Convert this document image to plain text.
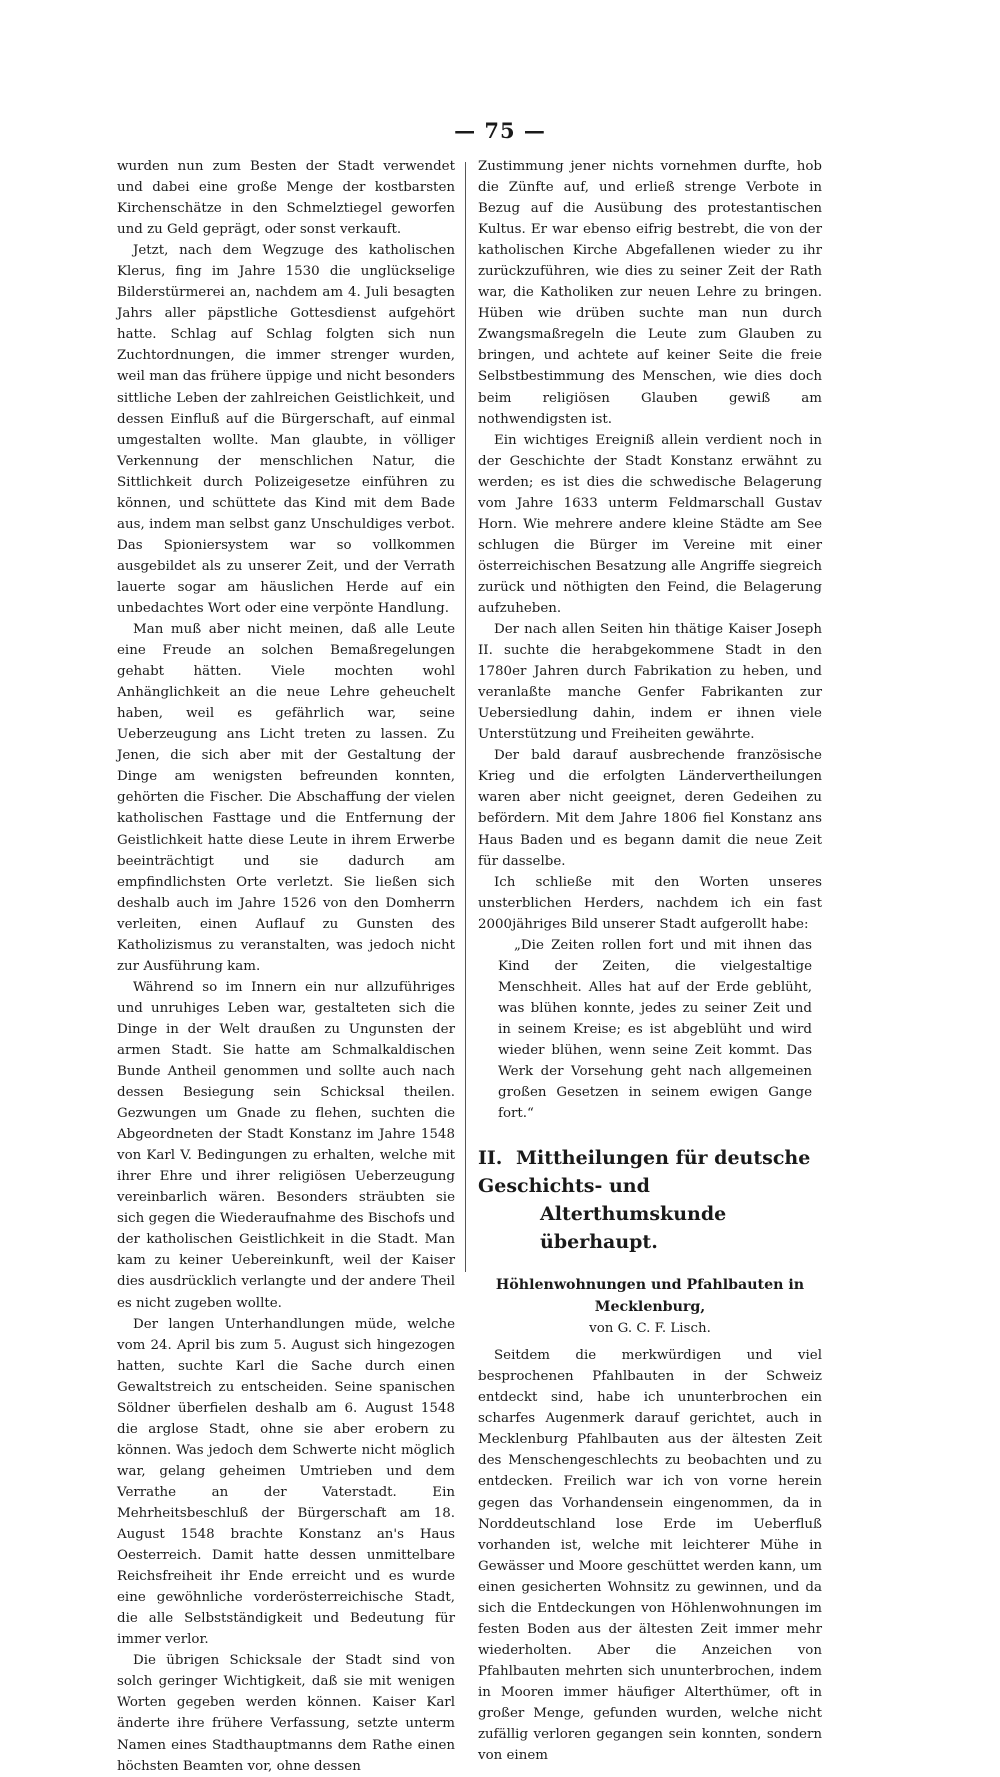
— 75 —

wurden nun zum Besten der Stadt verwendet und dabei eine große Menge der kostbarsten Kirchenschätze in den Schmelztiegel geworfen und zu Geld geprägt, oder sonst verkauft.

Jetzt, nach dem Wegzuge des katholischen Klerus, fing im Jahre 1530 die unglückselige Bilderstürmerei an, nachdem am 4. Juli besagten Jahrs aller päpstliche Gottesdienst aufgehört hatte. Schlag auf Schlag folgten sich nun Zuchtordnungen, die immer strenger wurden, weil man das frühere üppige und nicht besonders sittliche Leben der zahlreichen Geistlichkeit, und dessen Einfluß auf die Bürgerschaft, auf einmal umgestalten wollte. Man glaubte, in völliger Verkennung der menschlichen Natur, die Sittlichkeit durch Polizeigesetze einführen zu können, und schüttete das Kind mit dem Bade aus, indem man selbst ganz Unschuldiges verbot. Das Spioniersystem war so vollkommen ausgebildet als zu unserer Zeit, und der Verrath lauerte sogar am häuslichen Herde auf ein unbedachtes Wort oder eine verpönte Handlung.

Man muß aber nicht meinen, daß alle Leute eine Freude an solchen Bemaßregelungen gehabt hätten. Viele mochten wohl Anhänglichkeit an die neue Lehre geheuchelt haben, weil es gefährlich war, seine Ueberzeugung ans Licht treten zu lassen. Zu Jenen, die sich aber mit der Gestaltung der Dinge am wenigsten befreunden konnten, gehörten die Fischer. Die Abschaffung der vielen katholischen Fasttage und die Entfernung der Geistlichkeit hatte diese Leute in ihrem Erwerbe beeinträchtigt und sie dadurch am empfindlichsten Orte verletzt. Sie ließen sich deshalb auch im Jahre 1526 von den Domherrn verleiten, einen Auflauf zu Gunsten des Katholizismus zu veranstalten, was jedoch nicht zur Ausführung kam.

Während so im Innern ein nur allzuführiges und unruhiges Leben war, gestalteten sich die Dinge in der Welt draußen zu Ungunsten der armen Stadt. Sie hatte am Schmalkaldischen Bunde Antheil genommen und sollte auch nach dessen Besiegung sein Schicksal theilen. Gezwungen um Gnade zu flehen, suchten die Abgeordneten der Stadt Konstanz im Jahre 1548 von Karl V. Bedingungen zu erhalten, welche mit ihrer Ehre und ihrer religiösen Ueberzeugung vereinbarlich wären. Besonders sträubten sie sich gegen die Wiederaufnahme des Bischofs und der katholischen Geistlichkeit in die Stadt. Man kam zu keiner Uebereinkunft, weil der Kaiser dies ausdrücklich verlangte und der andere Theil es nicht zugeben wollte.

Der langen Unterhandlungen müde, welche vom 24. April bis zum 5. August sich hingezogen hatten, suchte Karl die Sache durch einen Gewaltstreich zu entscheiden. Seine spanischen Söldner überfielen deshalb am 6. August 1548 die arglose Stadt, ohne sie aber erobern zu können. Was jedoch dem Schwerte nicht möglich war, gelang geheimen Umtrieben und dem Verrathe an der Vaterstadt. Ein Mehrheitsbeschluß der Bürgerschaft am 18. August 1548 brachte Konstanz an's Haus Oesterreich. Damit hatte dessen unmittelbare Reichsfreiheit ihr Ende erreicht und es wurde eine gewöhnliche vorderösterreichische Stadt, die alle Selbstständigkeit und Bedeutung für immer verlor.

Die übrigen Schicksale der Stadt sind von solch geringer Wichtigkeit, daß sie mit wenigen Worten gegeben werden können. Kaiser Karl änderte ihre frühere Verfassung, setzte unterm Namen eines Stadthauptmanns dem Rathe einen höchsten Beamten vor, ohne dessen

Zustimmung jener nichts vornehmen durfte, hob die Zünfte auf, und erließ strenge Verbote in Bezug auf die Ausübung des protestantischen Kultus. Er war ebenso eifrig bestrebt, die von der katholischen Kirche Abgefallenen wieder zu ihr zurückzuführen, wie dies zu seiner Zeit der Rath war, die Katholiken zur neuen Lehre zu bringen. Hüben wie drüben suchte man nun durch Zwangsmaßregeln die Leute zum Glauben zu bringen, und achtete auf keiner Seite die freie Selbstbestimmung des Menschen, wie dies doch beim religiösen Glauben gewiß am nothwendigsten ist.

Ein wichtiges Ereigniß allein verdient noch in der Geschichte der Stadt Konstanz erwähnt zu werden; es ist dies die schwedische Belagerung vom Jahre 1633 unterm Feldmarschall Gustav Horn. Wie mehrere andere kleine Städte am See schlugen die Bürger im Vereine mit einer österreichischen Besatzung alle Angriffe siegreich zurück und nöthigten den Feind, die Belagerung aufzuheben.

Der nach allen Seiten hin thätige Kaiser Joseph II. suchte die herabgekommene Stadt in den 1780er Jahren durch Fabrikation zu heben, und veranlaßte manche Genfer Fabrikanten zur Uebersiedlung dahin, indem er ihnen viele Unterstützung und Freiheiten gewährte.

Der bald darauf ausbrechende französische Krieg und die erfolgten Ländervertheilungen waren aber nicht geeignet, deren Gedeihen zu befördern. Mit dem Jahre 1806 fiel Konstanz ans Haus Baden und es begann damit die neue Zeit für dasselbe.

Ich schließe mit den Worten unseres unsterblichen Herders, nachdem ich ein fast 2000jähriges Bild unserer Stadt aufgerollt habe:

„Die Zeiten rollen fort und mit ihnen das Kind der Zeiten, die vielgestaltige Menschheit. Alles hat auf der Erde geblüht, was blühen konnte, jedes zu seiner Zeit und in seinem Kreise; es ist abgeblüht und wird wieder blühen, wenn seine Zeit kommt. Das Werk der Vorsehung geht nach allgemeinen großen Gesetzen in seinem ewigen Gange fort.“

II. Mittheilungen für deutsche Geschichts- und
Alterthumskunde überhaupt.
Höhlenwohnungen und Pfahlbauten in Mecklenburg,
von G. C. F. Lisch.

Seitdem die merkwürdigen und viel besprochenen Pfahlbauten in der Schweiz entdeckt sind, habe ich ununterbrochen ein scharfes Augenmerk darauf gerichtet, auch in Mecklenburg Pfahlbauten aus der ältesten Zeit des Menschengeschlechts zu beobachten und zu entdecken. Freilich war ich von vorne herein gegen das Vorhandensein eingenommen, da in Norddeutschland lose Erde im Ueberfluß vorhanden ist, welche mit leichterer Mühe in Gewässer und Moore geschüttet werden kann, um einen gesicherten Wohnsitz zu gewinnen, und da sich die Entdeckungen von Höhlenwohnungen im festen Boden aus der ältesten Zeit immer mehr wiederholten. Aber die Anzeichen von Pfahlbauten mehrten sich ununterbrochen, indem in Mooren immer häufiger Alterthümer, oft in großer Menge, gefunden wurden, welche nicht zufällig verloren gegangen sein konnten, sondern von einem
